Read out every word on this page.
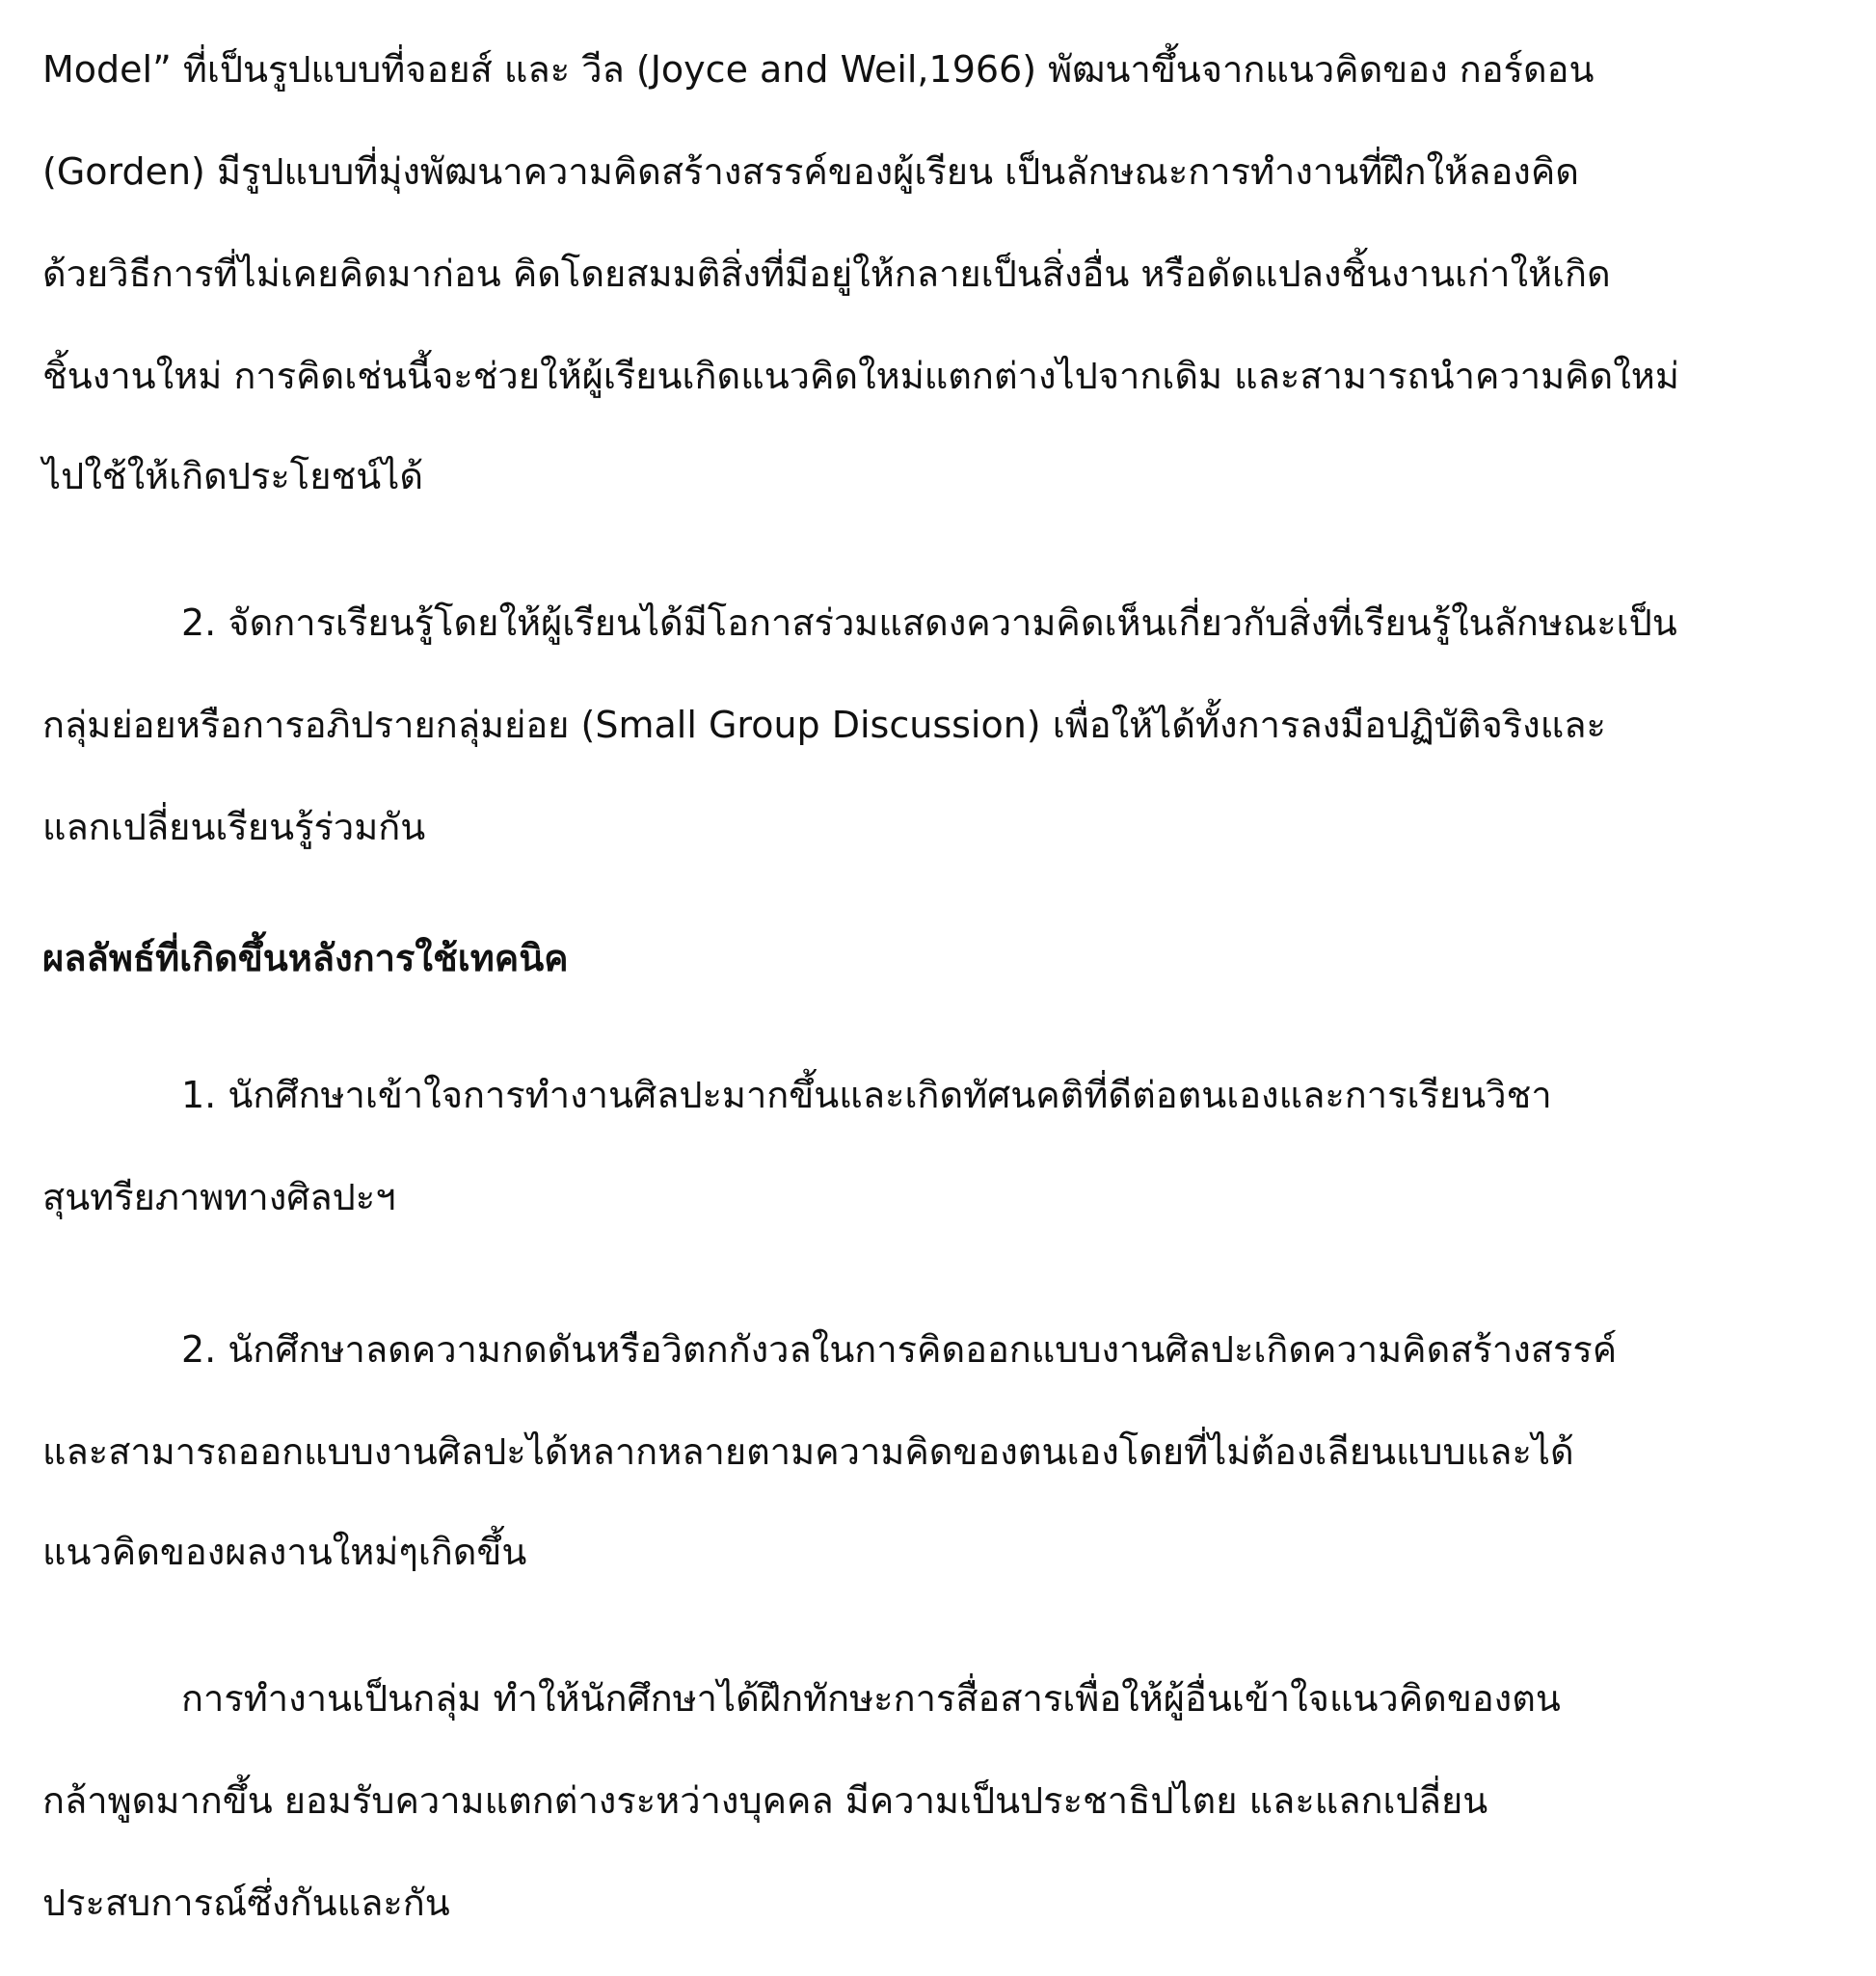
Model” ที่เป็นรูปแบบที่จอยส์ และ วีล (Joyce and Weil,1966) พัฒนาขึ้นจากแนวคิดของ กอร์ดอน
(Gorden) มีรูปแบบที่มุ่งพัฒนาความคิดสร้างสรรค์ของผู้เรียน เป็นลักษณะการทำงานที่ฝึกให้ลองคิด
ด้วยวิธีการที่ไม่เคยคิดมาก่อน คิดโดยสมมติสิ่งที่มีอยู่ให้กลายเป็นสิ่งอื่น หรือดัดแปลงชิ้นงานเก่าให้เกิด
ชิ้นงานใหม่ การคิดเช่นนี้จะช่วยให้ผู้เรียนเกิดแนวคิดใหม่แตกต่างไปจากเดิม และสามารถนำความคิดใหม่
ไปใช้ให้เกิดประโยชน์ได้
2. จัดการเรียนรู้โดยให้ผู้เรียนได้มีโอกาสร่วมแสดงความคิดเห็นเกี่ยวกับสิ่งที่เรียนรู้ในลักษณะเป็น
กลุ่มย่อยหรือการอภิปรายกลุ่มย่อย (Small Group Discussion) เพื่อให้ได้ทั้งการลงมือปฏิบัติจริงและ
แลกเปลี่ยนเรียนรู้ร่วมกัน
ผลลัพธ์ที่เกิดขึ้นหลังการใช้เทคนิค
1. นักศึกษาเข้าใจการทำงานศิลปะมากขึ้นและเกิดทัศนคติที่ดีต่อตนเองและการเรียนวิชา
สุนทรียภาพทางศิลปะฯ
2. นักศึกษาลดความกดดันหรือวิตกกังวลในการคิดออกแบบงานศิลปะเกิดความคิดสร้างสรรค์
และสามารถออกแบบงานศิลปะได้หลากหลายตามความคิดของตนเองโดยที่ไม่ต้องเลียนแบบและได้
แนวคิดของผลงานใหม่ๆเกิดขึ้น
การทำงานเป็นกลุ่ม ทำให้นักศึกษาได้ฝึกทักษะการสื่อสารเพื่อให้ผู้อื่นเข้าใจแนวคิดของตน
กล้าพูดมากขึ้น ยอมรับความแตกต่างระหว่างบุคคล มีความเป็นประชาธิปไตย และแลกเปลี่ยน
ประสบการณ์ซึ่งกันและกัน
